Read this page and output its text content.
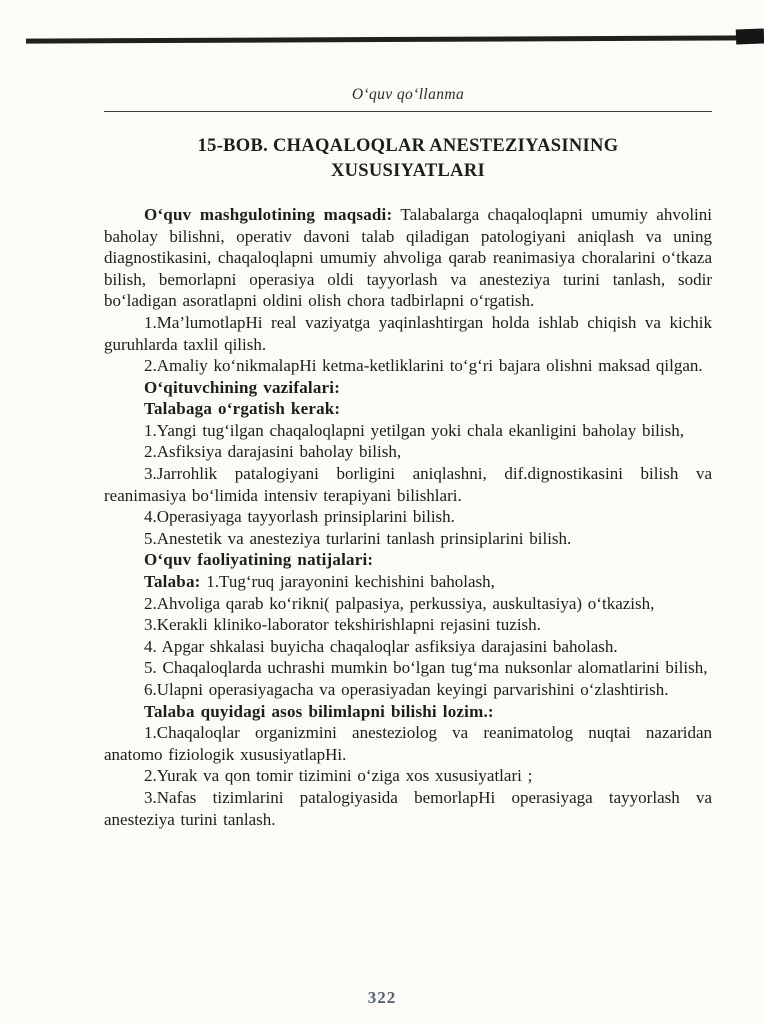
O‘quv qo‘llanma
15-BOB. CHAQALOQLAR ANESTEZIYASINING
XUSUSIYATLARI

O‘quv mashgulotining maqsadi: Talabalarga chaqaloqlapni umumiy ahvolini baholay bilishni, operativ davoni talab qiladigan patologiyani aniqlash va uning diagnostikasini, chaqaloqlapni umumiy ahvoliga qarab reanimasiya choralarini o‘tkaza bilish, bemorlapni operasiya oldi tayyorlash va anesteziya turini tanlash, sodir bo‘ladigan asoratlapni oldini olish chora tadbirlapni o‘rgatish.

1.Ma’lumotlapHi real vaziyatga yaqinlashtirgan holda ishlab chiqish va kichik guruhlarda taxlil qilish.

2.Amaliy ko‘nikmalapHi ketma-ketliklarini to‘g‘ri bajara olishni maksad qilgan.

O‘qituvchining vazifalari:

Talabaga o‘rgatish kerak:

1.Yangi tug‘ilgan chaqaloqlapni yetilgan yoki chala ekanligini baholay bilish,

2.Asfiksiya darajasini baholay bilish,

3.Jarrohlik patalogiyani borligini aniqlashni, dif.dignostikasini bilish va reanimasiya bo‘limida intensiv terapiyani bilishlari.

4.Operasiyaga tayyorlash prinsiplarini bilish.

5.Anestetik va anesteziya turlarini tanlash prinsiplarini bilish.

O‘quv faoliyatining natijalari:

Talaba: 1.Tug‘ruq jarayonini kechishini baholash,

2.Ahvoliga qarab ko‘rikni( palpasiya, perkussiya, auskultasiya) o‘tkazish,

3.Kerakli kliniko-laborator tekshirishlapni rejasini tuzish.

4. Apgar shkalasi buyicha chaqaloqlar asfiksiya darajasini baholash.

5. Chaqaloqlarda uchrashi mumkin bo‘lgan tug‘ma nuksonlar alomatlarini bilish,

6.Ulapni operasiyagacha va operasiyadan keyingi parvarishini o‘zlashtirish.

Talaba quyidagi asos bilimlapni bilishi lozim.:

1.Chaqaloqlar organizmini anesteziolog va reanimatolog nuqtai nazaridan anatomo fiziologik xususiyatlapHi.

2.Yurak va qon tomir tizimini o‘ziga xos xususiyatlari ;

3.Nafas tizimlarini patalogiyasida bemorlapHi operasiyaga tayyorlash va anesteziya turini tanlash.

322
